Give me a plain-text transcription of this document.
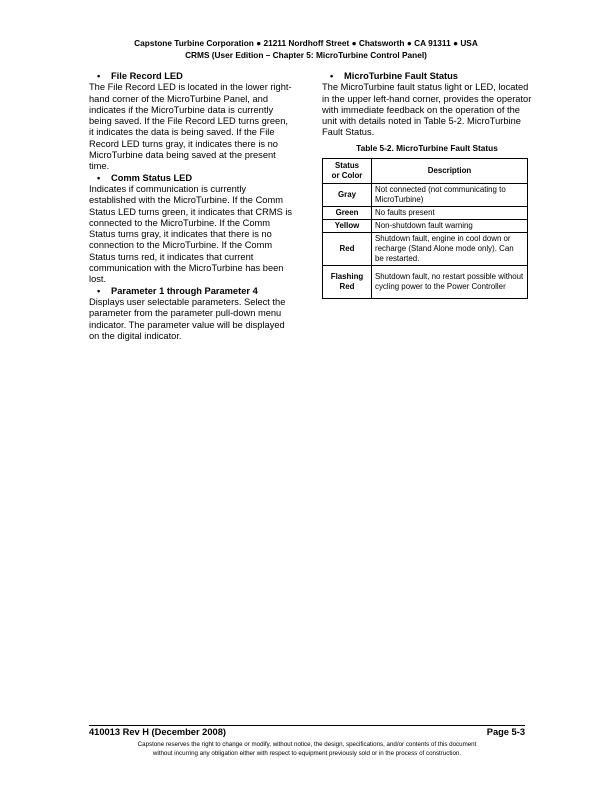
Capstone Turbine Corporation ● 21211 Nordhoff Street ● Chatsworth ● CA 91311 ● USA
CRMS (User Edition – Chapter 5: MicroTurbine Control Panel)
•	File Record LED

The File Record LED is located in the lower right-hand corner of the MicroTurbine Panel, and indicates if the MicroTurbine data is currently being saved. If the File Record LED turns green, it indicates the data is being saved. If the File Record LED turns gray, it indicates there is no MicroTurbine data being saved at the present time.

•	Comm Status LED

Indicates if communication is currently established with the MicroTurbine. If the Comm Status LED turns green, it indicates that CRMS is connected to the MicroTurbine. If the Comm Status turns gray, it indicates that there is no connection to the MicroTurbine. If the Comm Status turns red, it indicates that current communication with the MicroTurbine has been lost.

•	Parameter 1 through Parameter 4

Displays user selectable parameters. Select the parameter from the parameter pull-down menu indicator. The parameter value will be displayed on the digital indicator.

•	MicroTurbine Fault Status

The MicroTurbine fault status light or LED, located in the upper left-hand corner, provides the operator with immediate feedback on the operation of the unit with details noted in Table 5-2. MicroTurbine Fault Status.

Table 5-2. MicroTurbine Fault Status
Status
or Color	Description
Gray	Not connected (not communicating to MicroTurbine)
Green	No faults present
Yellow	Non-shutdown fault warning
Red	Shutdown fault, engine in cool down or recharge (Stand Alone mode only). Can be restarted.
Flashing
Red	Shutdown fault, no restart possible without cycling power to the Power Controller
410013 Rev H (December 2008)	Page 5-3
Capstone reserves the right to change or modify, without notice, the design, specifications, and/or contents of this document
without incurring any obligation either with respect to equipment previously sold or in the process of construction.
